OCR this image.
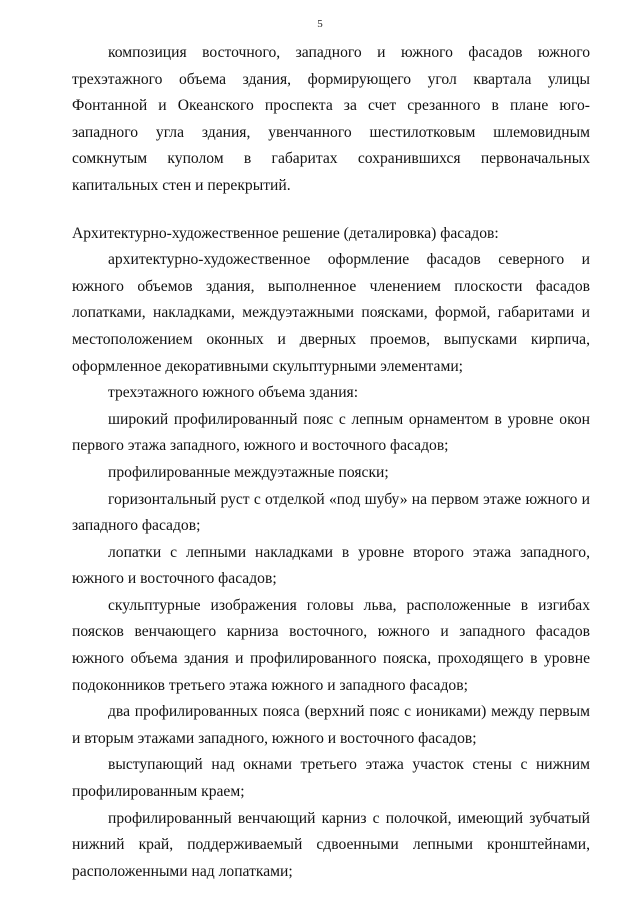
5

композиция восточного, западного и южного фасадов южного трехэтажного объема здания, формирующего угол квартала улицы Фонтанной и Океанского проспекта за счет срезанного в плане юго-западного угла здания, увенчанного шестилотковым шлемовидным сомкнутым куполом в габаритах сохранившихся первоначальных капитальных стен и перекрытий.

Архитектурно-художественное решение (деталировка) фасадов:

архитектурно-художественное оформление фасадов северного и южного объемов здания, выполненное членением плоскости фасадов лопатками, накладками, междуэтажными поясками, формой, габаритами и местоположением оконных и дверных проемов, выпусками кирпича, оформленное декоративными скульптурными элементами;

трехэтажного южного объема здания:

широкий профилированный пояс с лепным орнаментом в уровне окон первого этажа западного, южного и восточного фасадов;

профилированные междуэтажные пояски;

горизонтальный руст с отделкой «под шубу» на первом этаже южного и западного фасадов;

лопатки с лепными накладками в уровне второго этажа западного, южного и восточного фасадов;

скульптурные изображения головы льва, расположенные в изгибах поясков венчающего карниза восточного, южного и западного фасадов южного объема здания и профилированного пояска, проходящего в уровне подоконников третьего этажа южного и западного фасадов;

два профилированных пояса (верхний пояс с иониками) между первым и вторым этажами западного, южного и восточного фасадов;

выступающий над окнами третьего этажа участок стены с нижним профилированным краем;

профилированный венчающий карниз с полочкой, имеющий зубчатый нижний край, поддерживаемый сдвоенными лепными кронштейнами, расположенными над лопатками;
